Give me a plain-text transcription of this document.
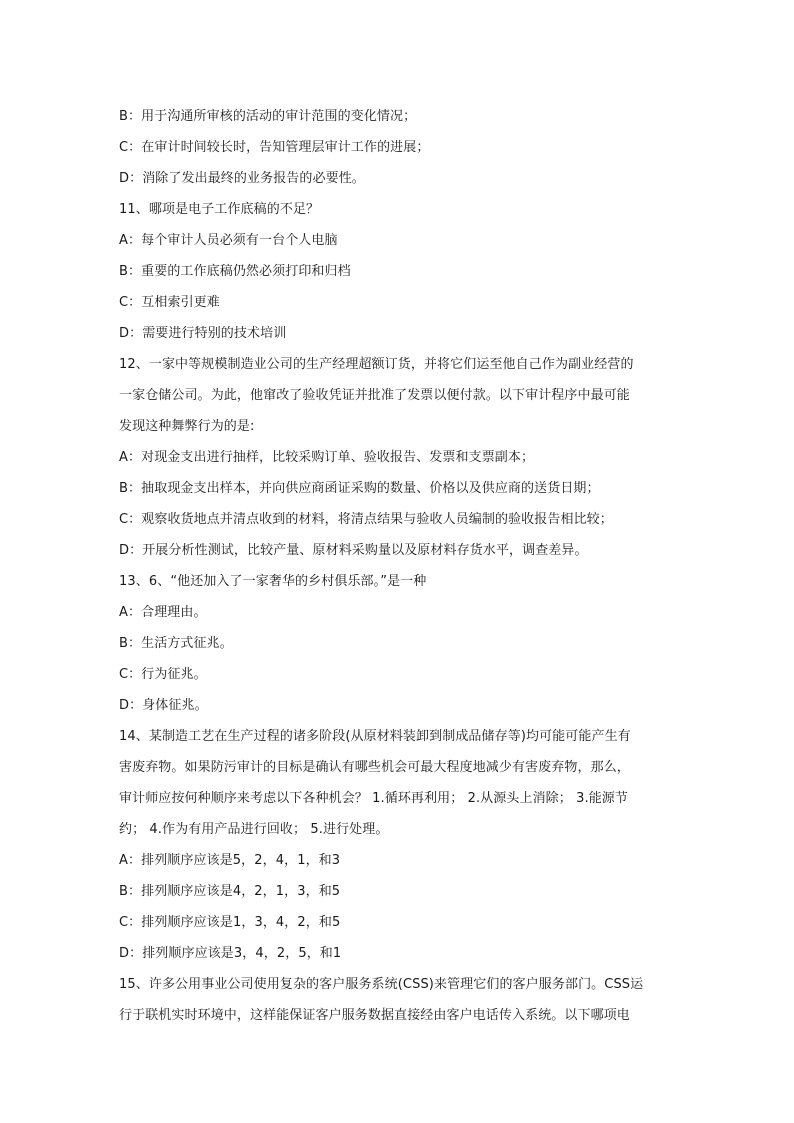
B：用于沟通所审核的活动的审计范围的变化情况；
C：在审计时间较长时，告知管理层审计工作的进展；
D：消除了发出最终的业务报告的必要性。
11、哪项是电子工作底稿的不足？
A：每个审计人员必须有一台个人电脑
B：重要的工作底稿仍然必须打印和归档
C：互相索引更难
D：需要进行特别的技术培训
12、一家中等规模制造业公司的生产经理超额订货，并将它们运至他自己作为副业经营的
一家仓储公司。为此，他窜改了验收凭证并批准了发票以便付款。以下审计程序中最可能
发现这种舞弊行为的是:
A：对现金支出进行抽样，比较采购订单、验收报告、发票和支票副本；
B：抽取现金支出样本，并向供应商函证采购的数量、价格以及供应商的送货日期；
C：观察收货地点并清点收到的材料，将清点结果与验收人员编制的验收报告相比较；
D：开展分析性测试，比较产量、原材料采购量以及原材料存货水平，调查差异。
13、6、“他还加入了一家奢华的乡村俱乐部。”是一种
A：合理理由。
B：生活方式征兆。
C：行为征兆。
D：身体征兆。
14、某制造工艺在生产过程的诸多阶段(从原材料装卸到制成品储存等)均可能可能产生有
害废弃物。如果防污审计的目标是确认有哪些机会可最大程度地减少有害废弃物，那么，
审计师应按何种顺序来考虑以下各种机会？ 1.循环再利用； 2.从源头上消除； 3.能源节
约； 4.作为有用产品进行回收； 5.进行处理。
A：排列顺序应该是5，2，4，1，和3
B：排列顺序应该是4，2，1，3，和5
C：排列顺序应该是1，3，4，2，和5
D：排列顺序应该是3，4，2，5，和1
15、许多公用事业公司使用复杂的客户服务系统(CSS)来管理它们的客户服务部门。CSS运
行于联机实时环境中，这样能保证客户服务数据直接经由客户电话传入系统。以下哪项电
